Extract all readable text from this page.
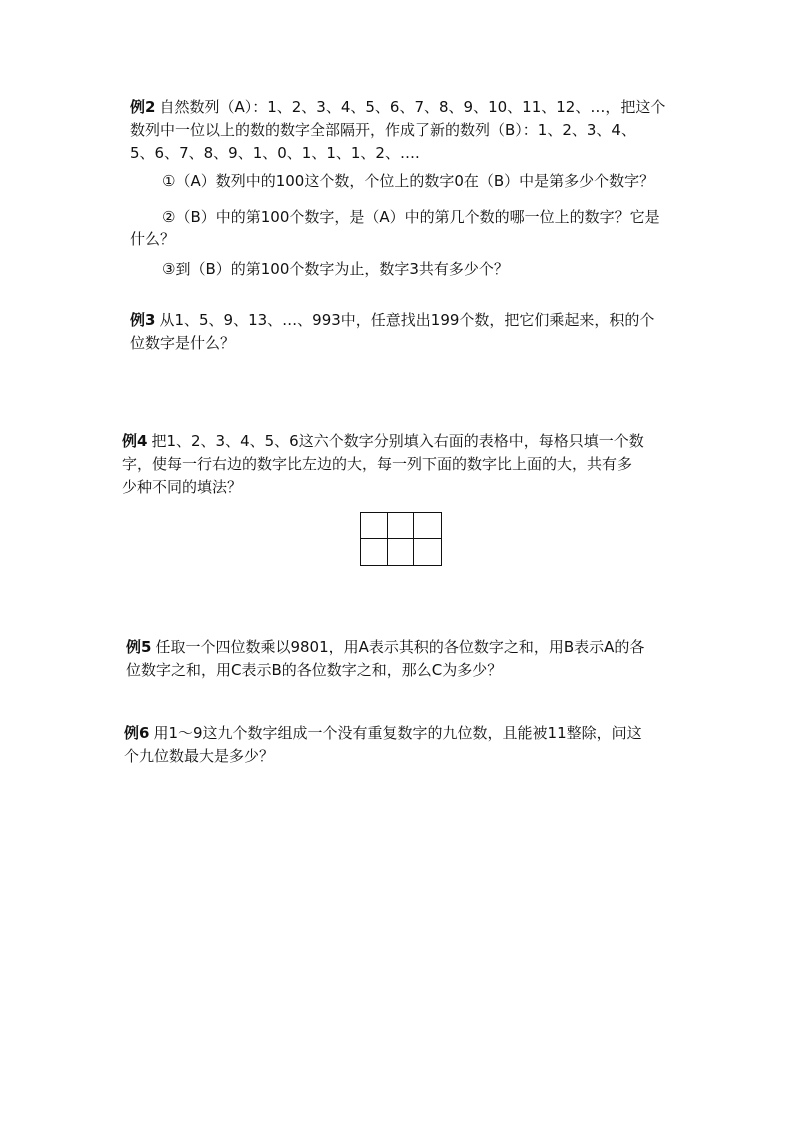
例2 自然数列（A）：1、2、3、4、5、6、7、8、9、10、11、12、…，把这个
数列中一位以上的数的数字全部隔开，作成了新的数列（B）：1、2、3、4、
5、6、7、8、9、1、0、1、1、1、2、….
①（A）数列中的100这个数，个位上的数字0在（B）中是第多少个数字？
②（B）中的第100个数字，是（A）中的第几个数的哪一位上的数字？它是
什么？
③到（B）的第100个数字为止，数字3共有多少个？
例3 从1、5、9、13、…、993中，任意找出199个数，把它们乘起来，积的个
位数字是什么？
例4 把1、2、3、4、5、6这六个数字分别填入右面的表格中，每格只填一个数
字，使每一行右边的数字比左边的大，每一列下面的数字比上面的大，共有多
少种不同的填法？
例5 任取一个四位数乘以9801，用A表示其积的各位数字之和，用B表示A的各
位数字之和，用C表示B的各位数字之和，那么C为多少？
例6 用1～9这九个数字组成一个没有重复数字的九位数，且能被11整除，问这
个九位数最大是多少？
